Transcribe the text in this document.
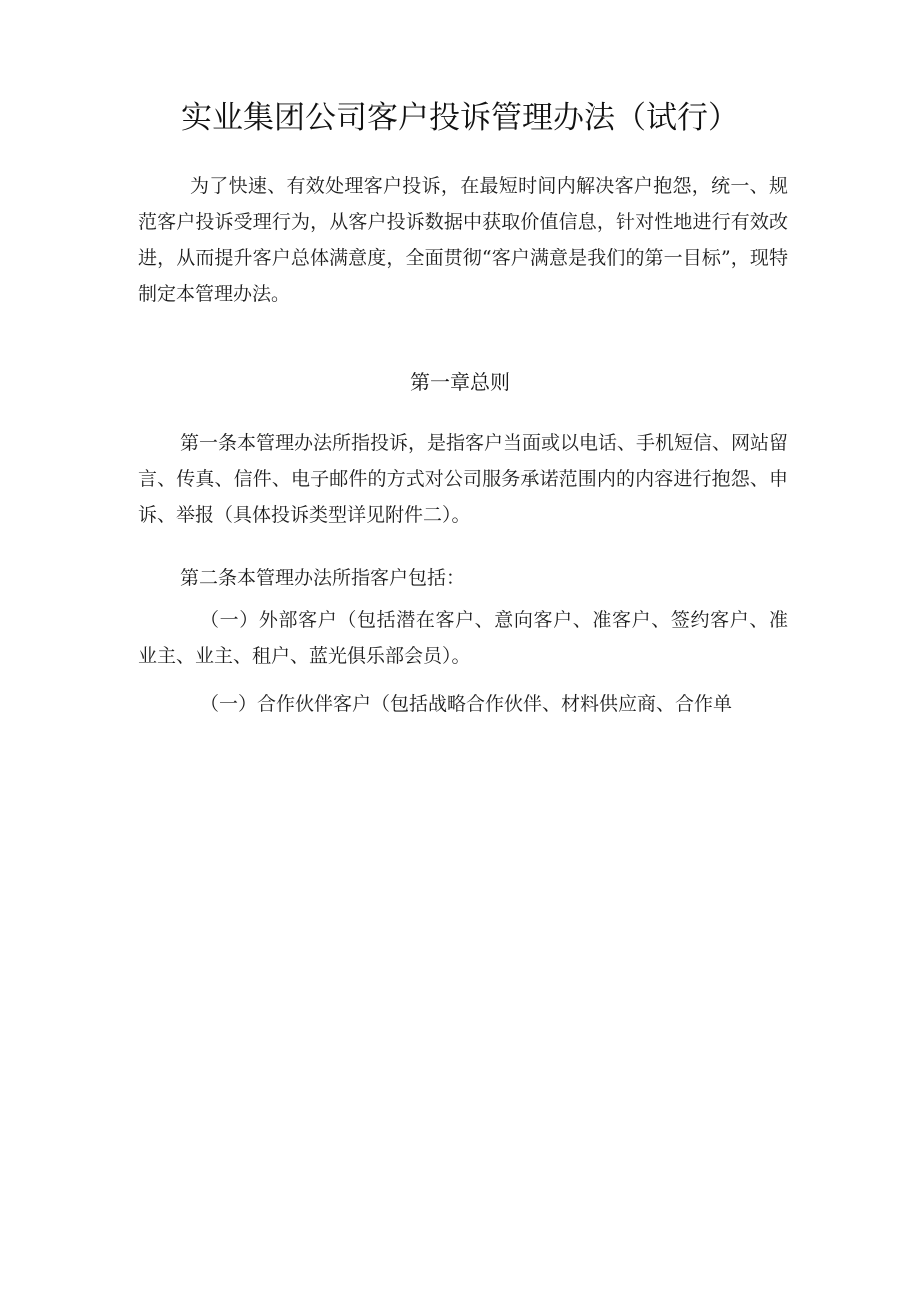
实业集团公司客户投诉管理办法（试行）

为了快速、有效处理客户投诉，在最短时间内解决客户抱怨，统一、规范客户投诉受理行为，从客户投诉数据中获取价值信息，针对性地进行有效改进，从而提升客户总体满意度，全面贯彻“客户满意是我们的第一目标”，现特制定本管理办法。

第一章总则

第一条本管理办法所指投诉，是指客户当面或以电话、手机短信、网站留言、传真、信件、电子邮件的方式对公司服务承诺范围内的内容进行抱怨、申诉、举报（具体投诉类型详见附件二）。

第二条本管理办法所指客户包括：

（一）外部客户（包括潜在客户、意向客户、准客户、签约客户、准业主、业主、租户、蓝光俱乐部会员）。

（一）合作伙伴客户（包括战略合作伙伴、材料供应商、合作单
